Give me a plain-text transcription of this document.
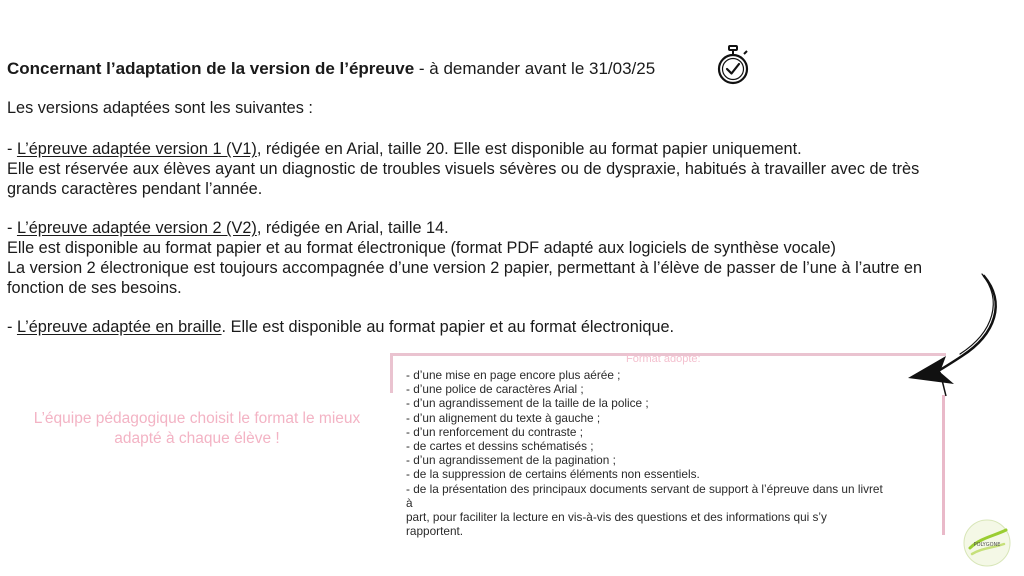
Concernant l’adaptation de la version de l’épreuve - à demander avant le 31/03/25
Les versions adaptées sont les suivantes :
- L’épreuve adaptée version 1 (V1), rédigée en Arial, taille 20. Elle est disponible au format papier uniquement.
Elle est réservée aux élèves ayant un diagnostic de troubles visuels sévères ou de dyspraxie, habitués à travailler avec de très
grands caractères pendant l’année.
- L’épreuve adaptée version 2 (V2), rédigée en Arial, taille 14.
Elle est disponible au format papier et au format électronique (format PDF adapté aux logiciels de synthèse vocale)
La version 2 électronique est toujours accompagnée d’une version 2 papier, permettant à l’élève de passer de l’une à l’autre en
fonction de ses besoins.
- L’épreuve adaptée en braille. Elle est disponible au format papier et au format électronique.
L’équipe pédagogique choisit le format le mieux adapté à chaque élève !
Format adopté:
- d’une mise en page encore plus aérée ;
- d’une police de caractères Arial ;
- d’un agrandissement de la taille de la police ;
- d’un alignement du texte à gauche ;
- d’un renforcement du contraste ;
- de cartes et dessins schématisés ;
- d’un agrandissement de la pagination ;
- de la suppression de certains éléments non essentiels.
- de la présentation des principaux documents servant de support à l’épreuve dans un livret
à
part, pour faciliter la lecture en vis-à-vis des questions et des informations qui s’y
rapportent.
POLYGONE
